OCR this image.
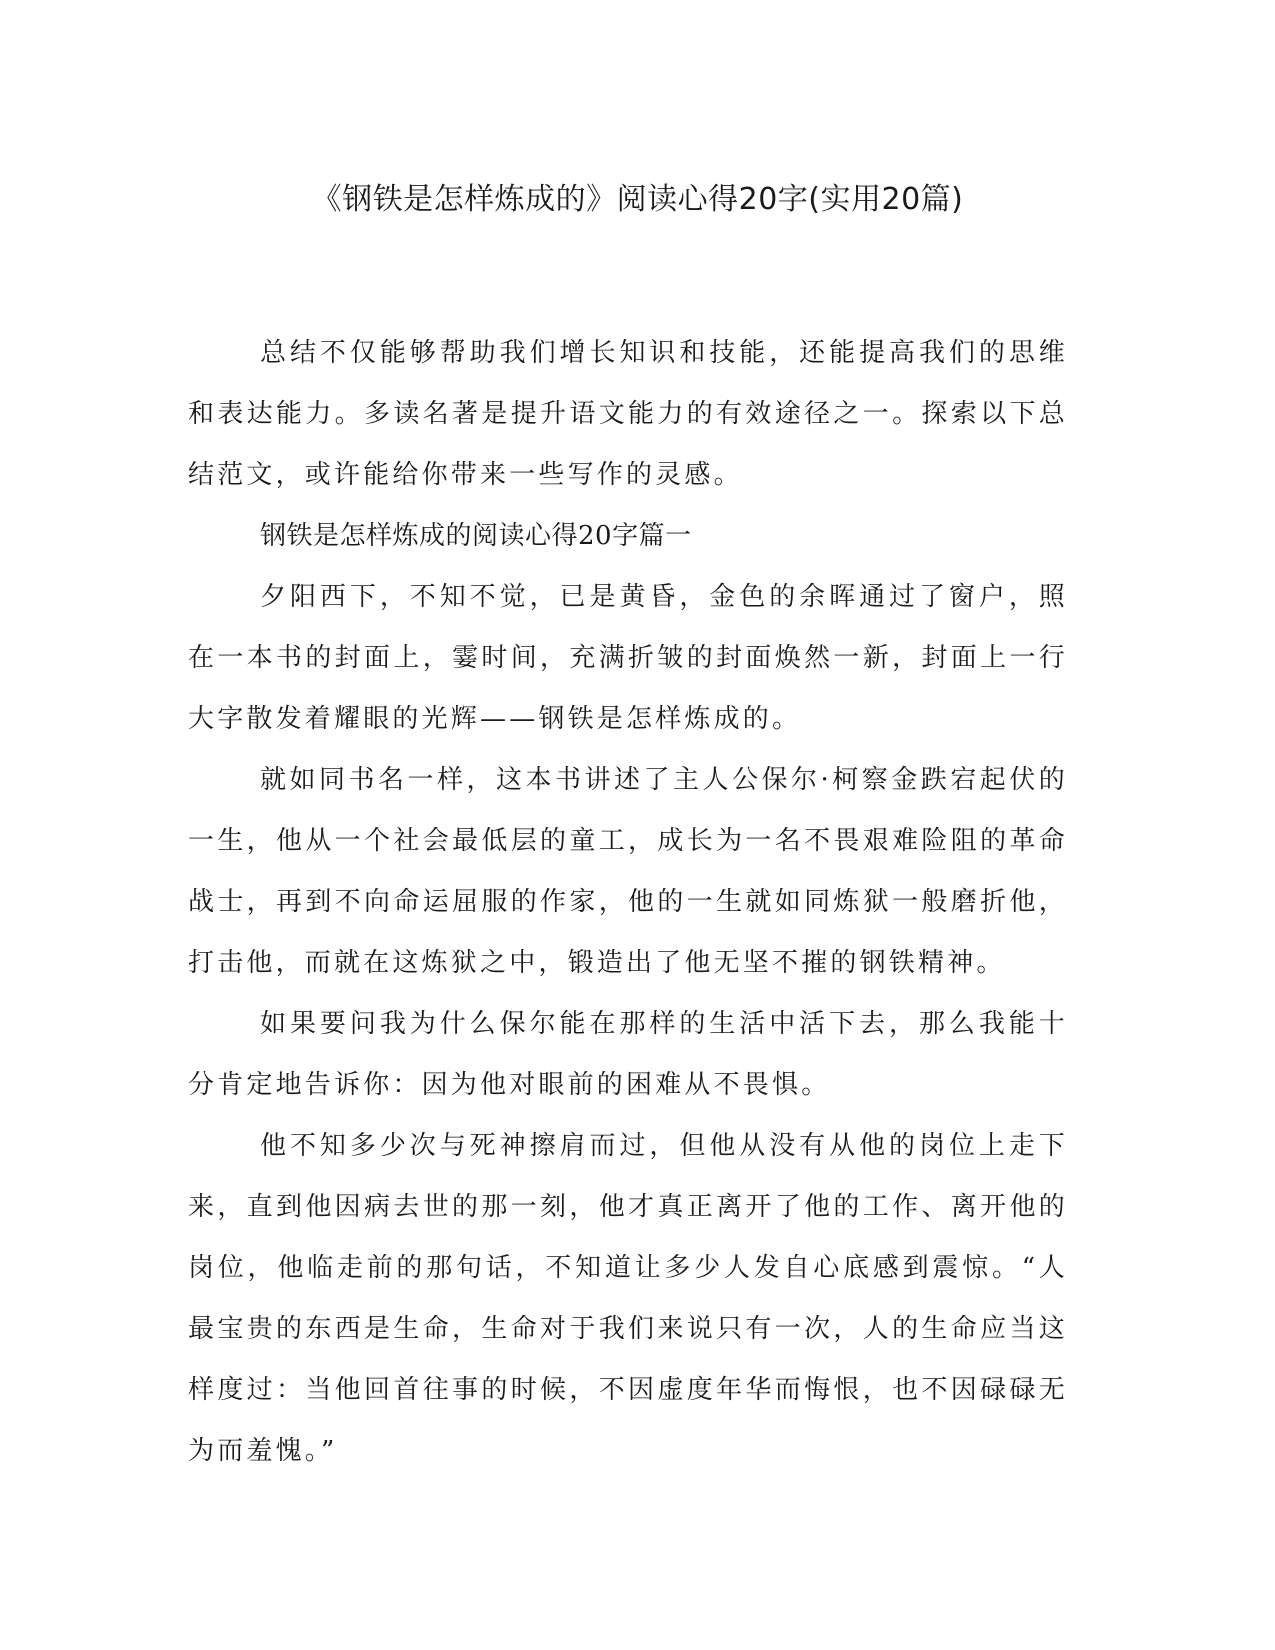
《钢铁是怎样炼成的》阅读心得20字(实用20篇)

总结不仅能够帮助我们增长知识和技能，还能提高我们的思维和表达能力。多读名著是提升语文能力的有效途径之一。探索以下总结范文，或许能给你带来一些写作的灵感。

钢铁是怎样炼成的阅读心得20字篇一

夕阳西下，不知不觉，已是黄昏，金色的余晖通过了窗户，照在一本书的封面上，霎时间，充满折皱的封面焕然一新，封面上一行大字散发着耀眼的光辉——钢铁是怎样炼成的。

就如同书名一样，这本书讲述了主人公保尔·柯察金跌宕起伏的一生，他从一个社会最低层的童工，成长为一名不畏艰难险阻的革命战士，再到不向命运屈服的作家，他的一生就如同炼狱一般磨折他，打击他，而就在这炼狱之中，锻造出了他无坚不摧的钢铁精神。

如果要问我为什么保尔能在那样的生活中活下去，那么我能十分肯定地告诉你：因为他对眼前的困难从不畏惧。

他不知多少次与死神擦肩而过，但他从没有从他的岗位上走下来，直到他因病去世的那一刻，他才真正离开了他的工作、离开他的岗位，他临走前的那句话，不知道让多少人发自心底感到震惊。“人最宝贵的东西是生命，生命对于我们来说只有一次，人的生命应当这样度过：当他回首往事的时候，不因虚度年华而悔恨，也不因碌碌无为而羞愧。”
